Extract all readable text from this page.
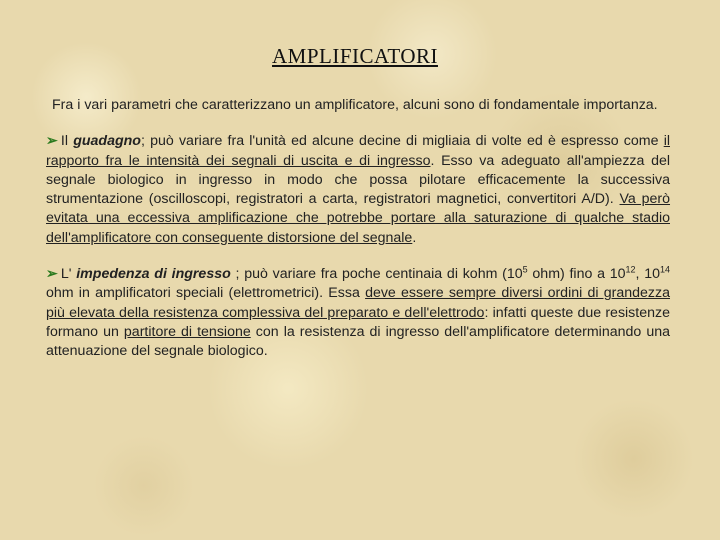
AMPLIFICATORI

Fra i vari parametri che caratterizzano un amplificatore, alcuni sono di fondamentale importanza.

➢ Il guadagno; può variare fra l'unità ed alcune decine di migliaia di volte ed è espresso come il rapporto fra le intensità dei segnali di uscita e di ingresso. Esso va adeguato all'ampiezza del segnale biologico in ingresso in modo che possa pilotare efficacemente la successiva strumentazione (oscilloscopi, registratori a carta, registratori magnetici, convertitori A/D). Va però evitata una eccessiva amplificazione che potrebbe portare alla saturazione di qualche stadio dell'amplificatore con conseguente distorsione del segnale.

➢ L' impedenza di ingresso ; può variare fra poche centinaia di kohm ($10^5$ ohm) fino a $10^{12}$, $10^{14}$ ohm in amplificatori speciali (elettrometrici). Essa deve essere sempre diversi ordini di grandezza più elevata della resistenza complessiva del preparato e dell'elettrodo: infatti queste due resistenze formano un partitore di tensione con la resistenza di ingresso dell'amplificatore determinando una attenuazione del segnale biologico.
